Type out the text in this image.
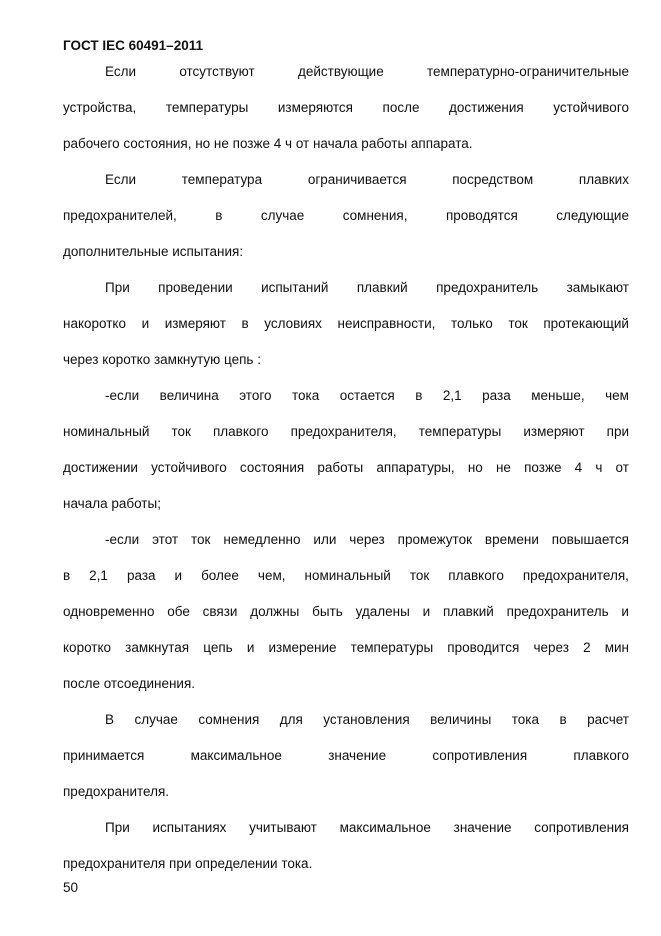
ГОСТ IEC 60491–2011
Если	отсутствуют	действующие	температурно-ограничительные
устройства, температуры измеряются после достижения устойчивого
рабочего состояния, но не позже 4 ч от начала работы аппарата.
Если	температура	ограничивается	посредством	плавких
предохранителей,	в	случае	сомнения,	проводятся	следующие
дополнительные испытания:
При проведении испытаний плавкий предохранитель замыкают
накоротко и измеряют в условиях неисправности, только ток протекающий
через коротко замкнутую цепь :
-если величина этого тока остается в 2,1 раза меньше, чем
номинальный ток плавкого предохранителя, температуры измеряют при
достижении устойчивого состояния работы аппаратуры, но не позже 4 ч от
начала работы;
-если этот ток немедленно или через промежуток времени повышается
в 2,1 раза и более чем, номинальный ток плавкого предохранителя,
одновременно обе связи должны быть удалены и плавкий предохранитель и
коротко замкнутая цепь и измерение температуры проводится через 2 мин
после отсоединения.
В случае сомнения для установления величины тока в расчет
принимается	максимальное	значение	сопротивления	плавкого
предохранителя.
При испытаниях учитывают максимальное значение сопротивления
предохранителя при определении тока.
50
